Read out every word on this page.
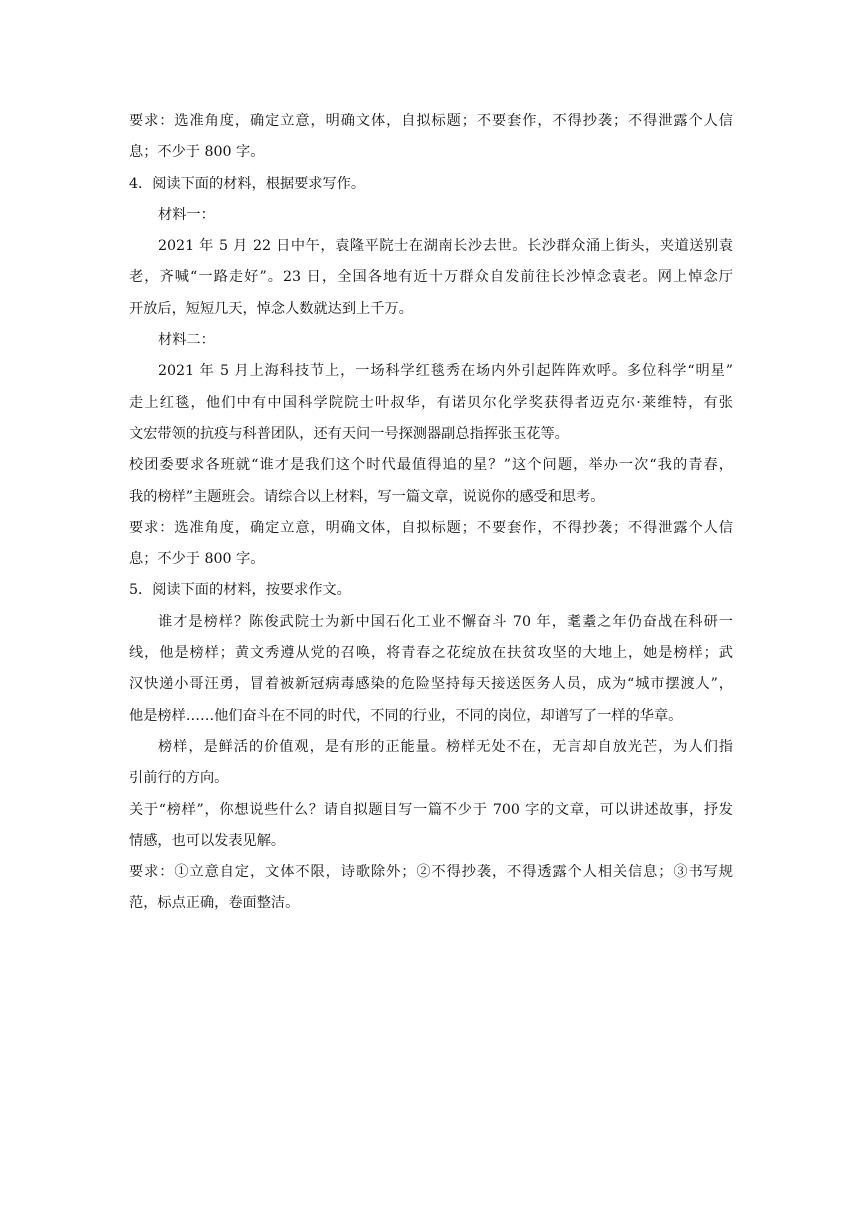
要求：选准角度，确定立意，明确文体，自拟标题；不要套作，不得抄袭；不得泄露个人信
息；不少于 800 字。
4．阅读下面的材料，根据要求写作。
材料一：
2021 年 5 月 22 日中午，袁隆平院士在湖南长沙去世。长沙群众涌上街头，夹道送别袁
老，齐喊“一路走好”。23 日，全国各地有近十万群众自发前往长沙悼念袁老。网上悼念厅
开放后，短短几天，悼念人数就达到上千万。
材料二：
2021 年 5 月上海科技节上，一场科学红毯秀在场内外引起阵阵欢呼。多位科学“明星”
走上红毯，他们中有中国科学院院士叶叔华，有诺贝尔化学奖获得者迈克尔·莱维特，有张
文宏带领的抗疫与科普团队，还有天问一号探测器副总指挥张玉花等。
校团委要求各班就“谁才是我们这个时代最值得追的星？”这个问题，举办一次“我的青春，
我的榜样”主题班会。请综合以上材料，写一篇文章，说说你的感受和思考。
要求：选准角度，确定立意，明确文体，自拟标题；不要套作，不得抄袭；不得泄露个人信
息；不少于 800 字。
5．阅读下面的材料，按要求作文。
谁才是榜样？陈俊武院士为新中国石化工业不懈奋斗 70 年，耄耋之年仍奋战在科研一
线，他是榜样；黄文秀遵从党的召唤，将青春之花绽放在扶贫攻坚的大地上，她是榜样；武
汉快递小哥汪勇，冒着被新冠病毒感染的危险坚持每天接送医务人员，成为“城市摆渡人”，
他是榜样……他们奋斗在不同的时代，不同的行业，不同的岗位，却谱写了一样的华章。
榜样，是鲜活的价值观，是有形的正能量。榜样无处不在，无言却自放光芒，为人们指
引前行的方向。
关于“榜样”，你想说些什么？请自拟题目写一篇不少于 700 字的文章，可以讲述故事，抒发
情感，也可以发表见解。
要求：①立意自定，文体不限，诗歌除外；②不得抄袭，不得透露个人相关信息；③书写规
范，标点正确，卷面整洁。
